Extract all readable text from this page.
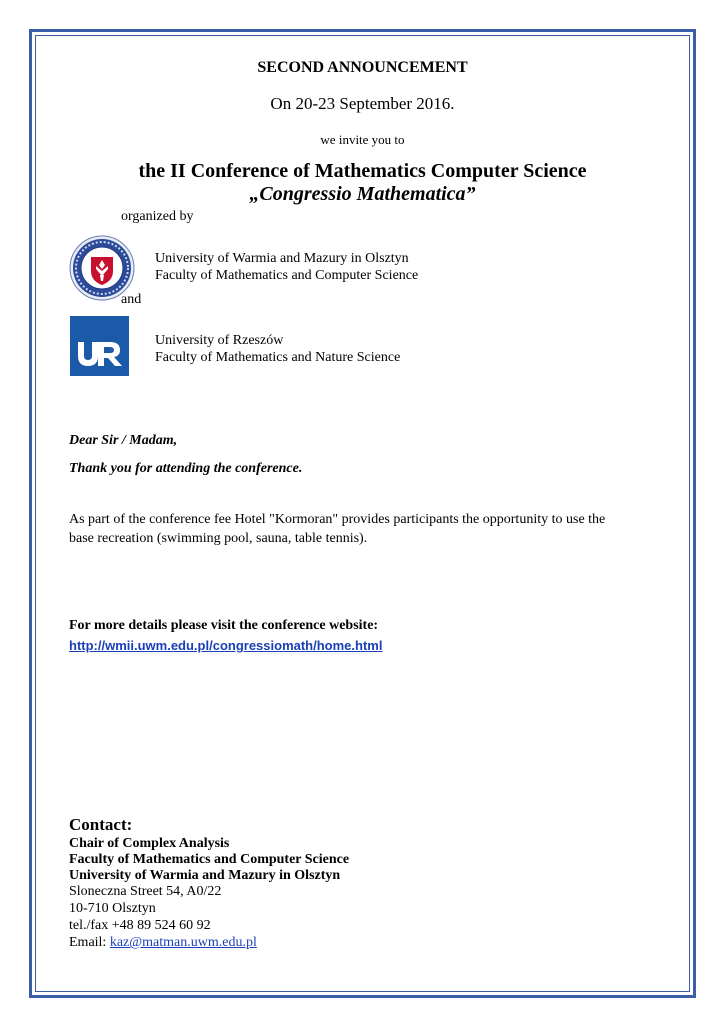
SECOND ANNOUNCEMENT
On 20-23 September 2016.
we invite you to
the II Conference of Mathematics Computer Science
„Congressio Mathematica”
organized by
University of Warmia and Mazury in Olsztyn
Faculty of Mathematics and Computer Science
and
University of Rzeszów
Faculty of Mathematics and Nature Science
Dear Sir / Madam,
Thank you for attending the conference.
As part of the conference fee Hotel "Kormoran" provides participants the opportunity to use the
base recreation (swimming pool, sauna, table tennis).
For more details please visit the conference website:
http://wmii.uwm.edu.pl/congressiomath/home.html
Contact:
Chair of Complex Analysis
Faculty of Mathematics and Computer Science
University of Warmia and Mazury in Olsztyn
Sloneczna Street 54, A0/22
10-710 Olsztyn
tel./fax +48 89 524 60 92
Email: kaz@matman.uwm.edu.pl
